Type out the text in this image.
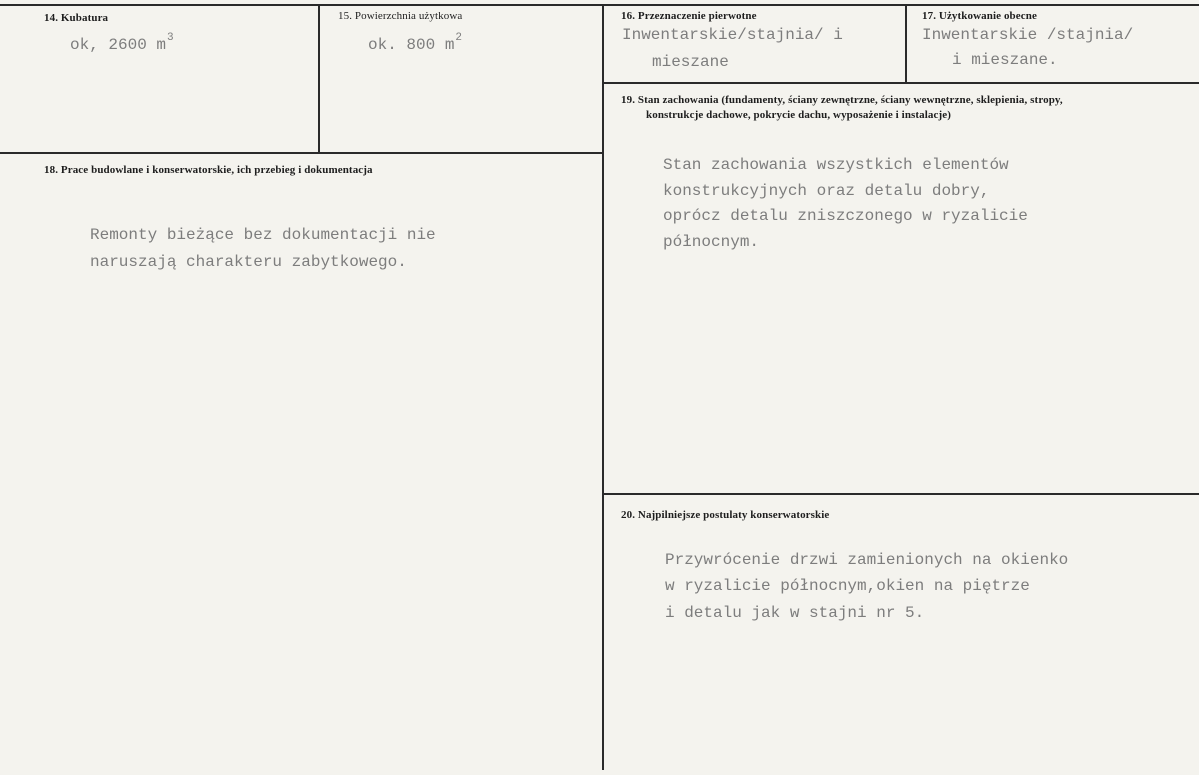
14. Kubatura
ok, 2600 $m^3$
15. Powierzchnia użytkowa
ok. 800 $m^2$
16. Przeznaczenie pierwotne
Inwentarskie/stajnia/ i
mieszane
17. Użytkowanie obecne
Inwentarskie /stajnia/
i mieszane.
18. Prace budowlane i konserwatorskie, ich przebieg i dokumentacja
Remonty bieżące bez dokumentacji nie
naruszają charakteru zabytkowego.
19. Stan zachowania (fundamenty, ściany zewnętrzne, ściany wewnętrzne, sklepienia, stropy,
konstrukcje dachowe, pokrycie dachu, wyposażenie i instalacje)
Stan zachowania wszystkich elementów
konstrukcyjnych oraz detalu dobry,
oprócz detalu zniszczonego w ryzalicie
północnym.
20. Najpilniejsze postulaty konserwatorskie
Przywrócenie drzwi zamienionych na okienko
w ryzalicie północnym,okien na piętrze
i detalu jak w stajni nr 5.
